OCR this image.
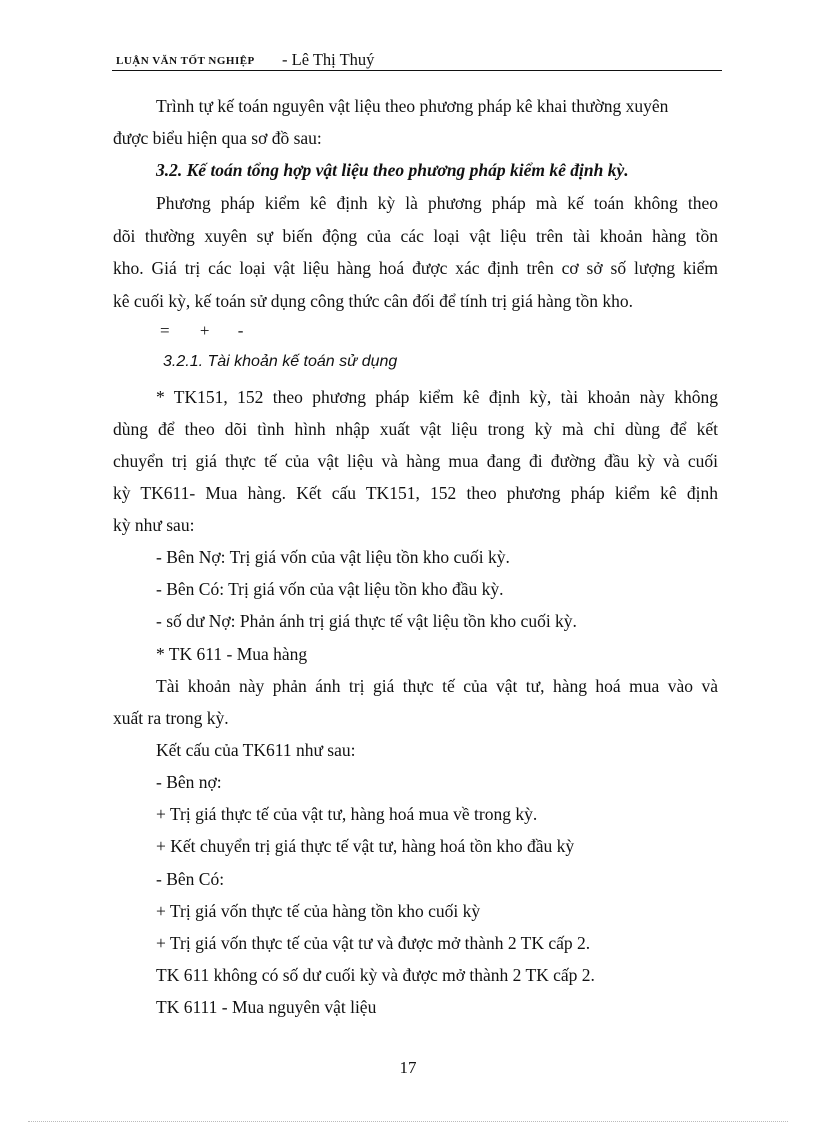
LUẬN VĂN TỐT NGHIỆP - Lê Thị Thuý
Trình tự kế toán nguyên vật liệu theo phương pháp kê khai thường xuyên
được biểu hiện qua sơ đồ sau:
3.2. Kế toán tổng hợp vật liệu theo phương pháp kiểm kê định kỳ.
Phương pháp kiểm kê định kỳ là phương pháp mà kế toán không theo
dõi thường xuyên sự biến động của các loại vật liệu trên tài khoản hàng tồn
kho. Giá trị các loại vật liệu hàng hoá được xác định trên cơ sở số lượng kiểm
kê cuối kỳ, kế toán sử dụng công thức cân đối để tính trị giá hàng tồn kho.
= + -
3.2.1. Tài khoản kế toán sử dụng
* TK151, 152 theo phương pháp kiểm kê định kỳ, tài khoản này không
dùng để theo dõi tình hình nhập xuất vật liệu trong kỳ mà chỉ dùng để kết
chuyển trị giá thực tế của vật liệu và hàng mua đang đi đường đầu kỳ và cuối
kỳ TK611- Mua hàng. Kết cấu TK151, 152 theo phương pháp kiểm kê định
kỳ như sau:
- Bên Nợ: Trị giá vốn của vật liệu tồn kho cuối kỳ.
- Bên Có: Trị giá vốn của vật liệu tồn kho đầu kỳ.
- số dư Nợ: Phản ánh trị giá thực tế vật liệu tồn kho cuối kỳ.
* TK 611 - Mua hàng
Tài khoản này phản ánh trị giá thực tế của vật tư, hàng hoá mua vào và
xuất ra trong kỳ.
Kết cấu của TK611 như sau:
- Bên nợ:
+ Trị giá thực tế của vật tư, hàng hoá mua về trong kỳ.
+ Kết chuyển trị giá thực tế vật tư, hàng hoá tồn kho đầu kỳ
- Bên Có:
+ Trị giá vốn thực tế của hàng tồn kho cuối kỳ
+ Trị giá vốn thực tế của vật tư và được mở thành 2 TK cấp 2.
TK 611 không có số dư cuối kỳ và được mở thành 2 TK cấp 2.
TK 6111 - Mua nguyên vật liệu
17
